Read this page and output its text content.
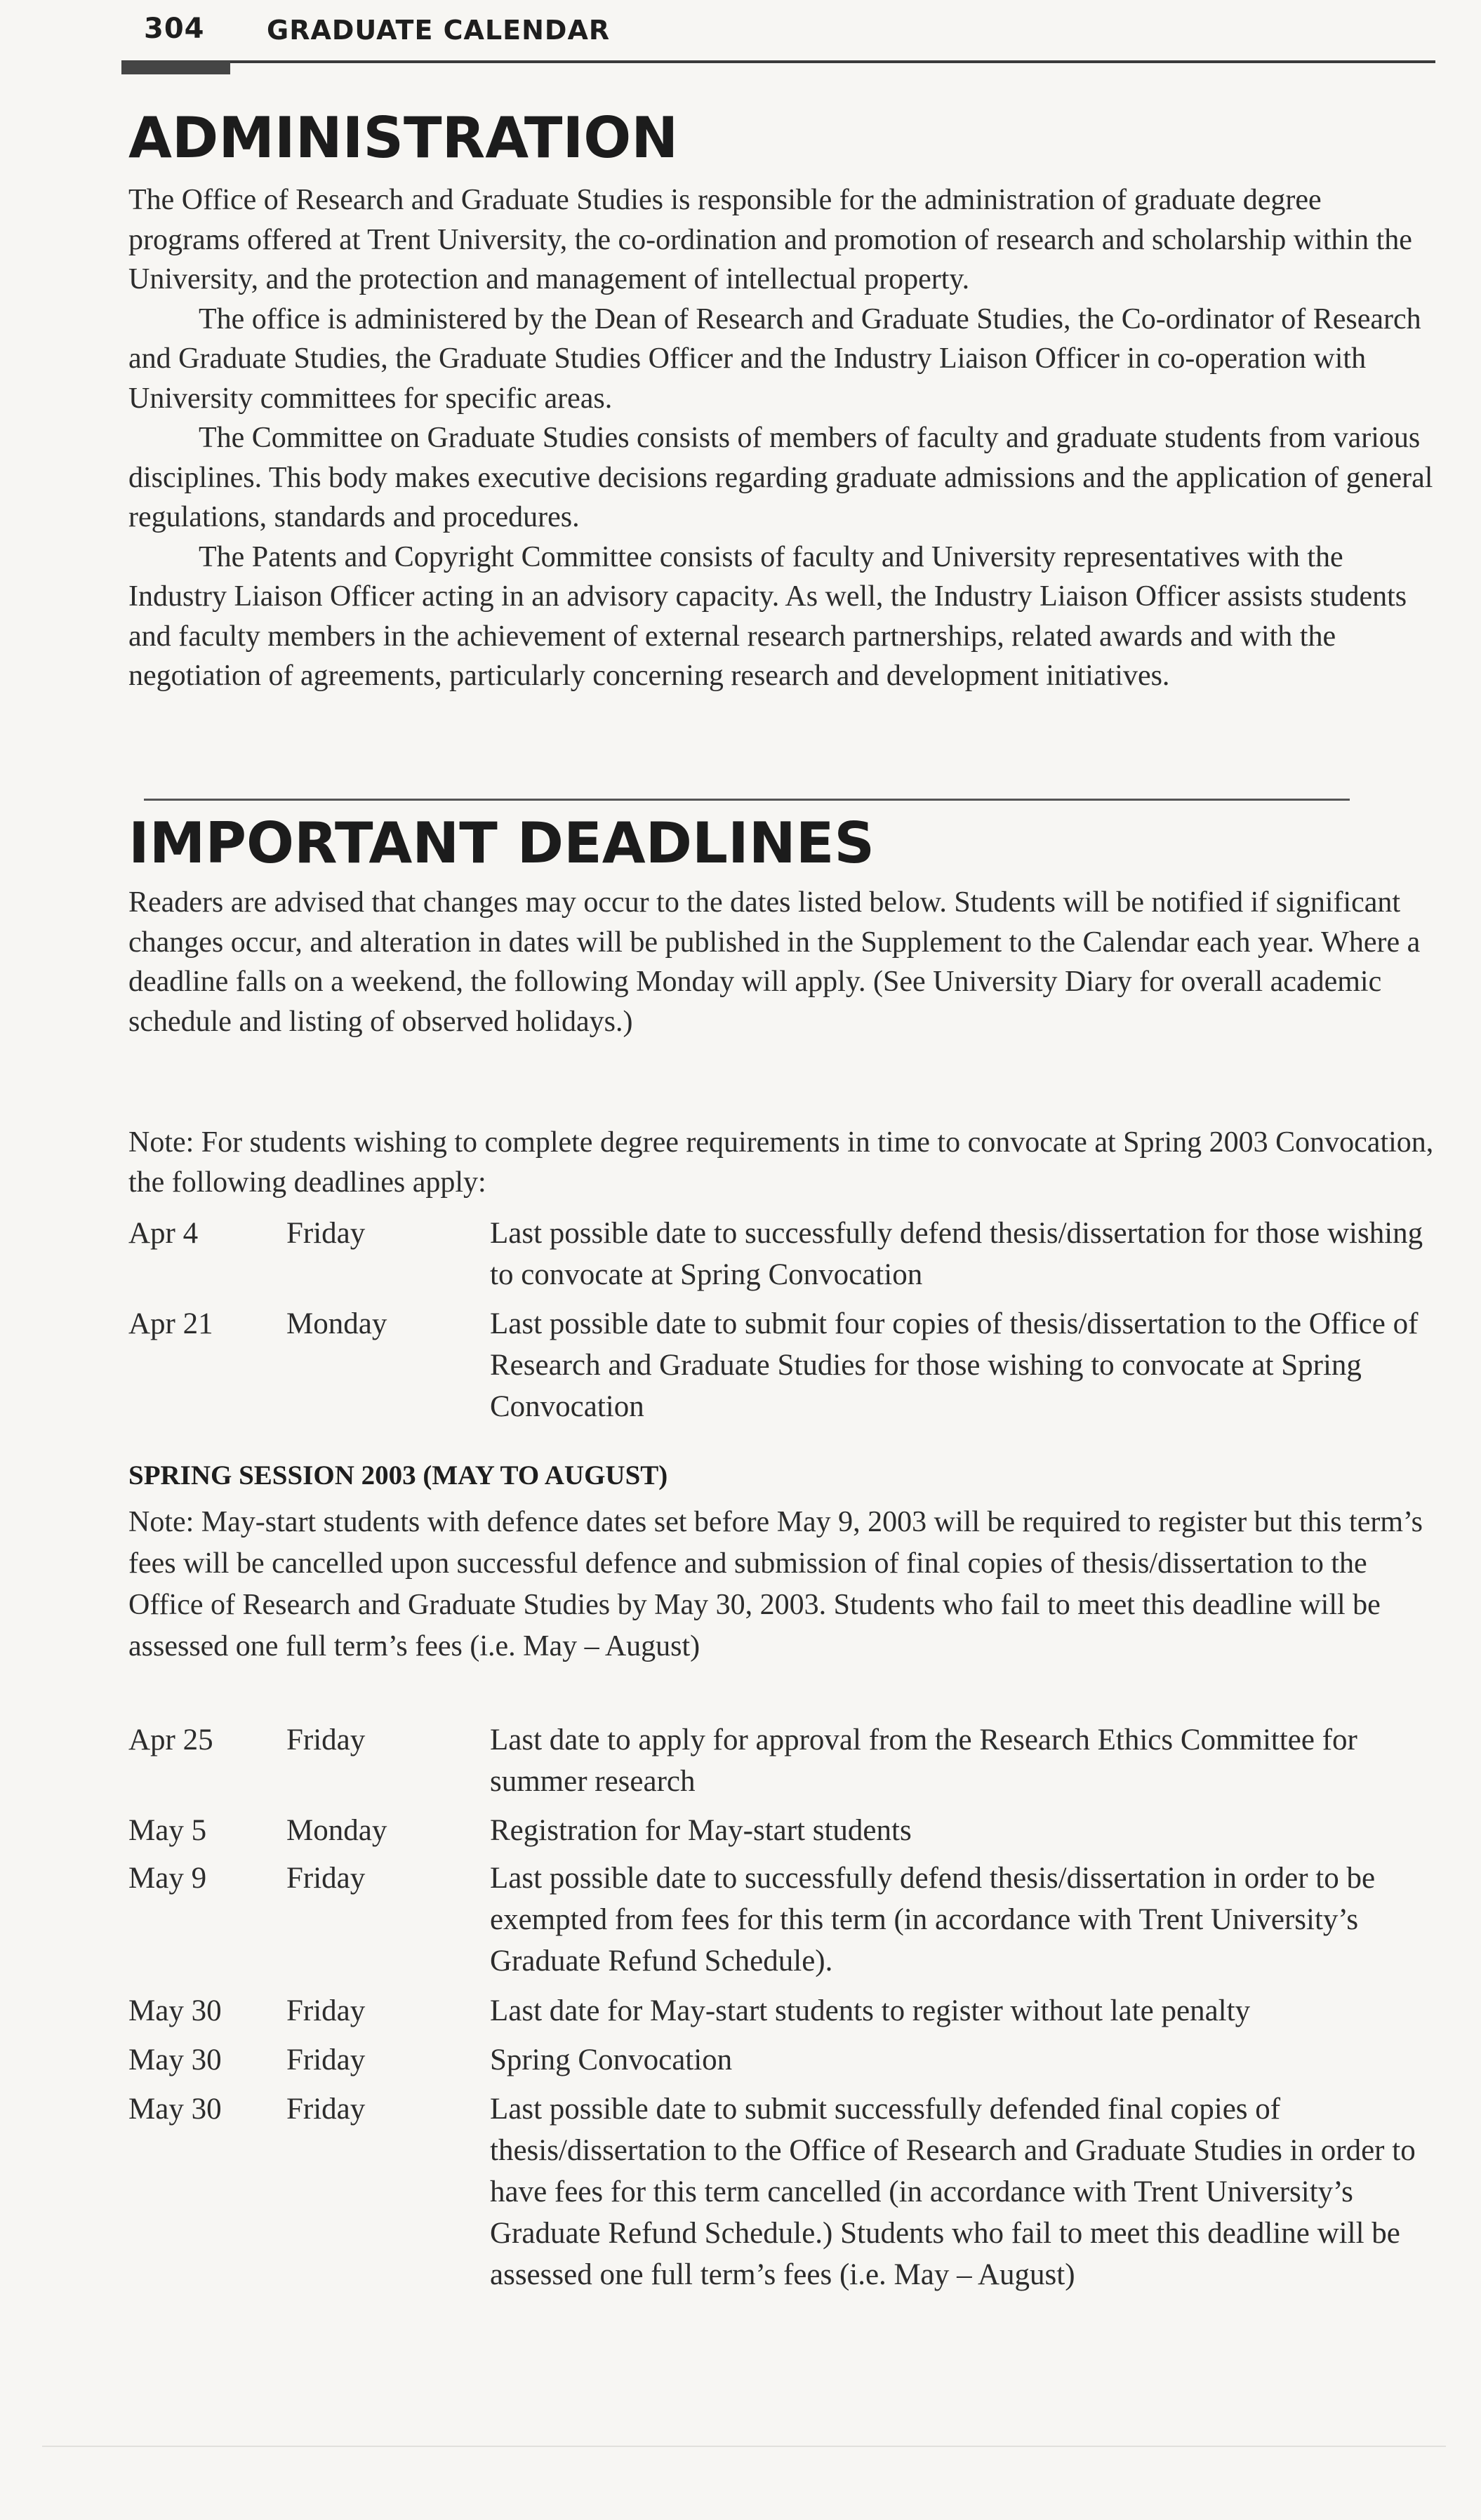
304 GRADUATE CALENDAR
ADMINISTRATION

The Office of Research and Graduate Studies is responsible for the administration of graduate degree programs offered at Trent University, the co-ordination and promotion of research and scholarship within the University, and the protection and management of intellectual property.

The office is administered by the Dean of Research and Graduate Studies, the Co-ordinator of Research and Graduate Studies, the Graduate Studies Officer and the Industry Liaison Officer in co-operation with University committees for specific areas.

The Committee on Graduate Studies consists of members of faculty and graduate students from various disciplines. This body makes executive decisions regarding graduate admissions and the application of general regulations, standards and procedures.

The Patents and Copyright Committee consists of faculty and University representatives with the Industry Liaison Officer acting in an advisory capacity. As well, the Industry Liaison Officer assists students and faculty members in the achievement of external research partnerships, related awards and with the negotiation of agreements, particularly concerning research and development initiatives.

IMPORTANT DEADLINES

Readers are advised that changes may occur to the dates listed below. Students will be notified if significant changes occur, and alteration in dates will be published in the Supplement to the Calendar each year. Where a deadline falls on a weekend, the following Monday will apply. (See University Diary for overall academic schedule and listing of observed holidays.)

Note: For students wishing to complete degree requirements in time to convocate at Spring 2003 Convocation, the following deadlines apply:

Apr 4	Friday	Last possible date to successfully defend thesis/dissertation for those wishing to convocate at Spring Convocation
Apr 21 Monday	Last possible date to submit four copies of thesis/dissertation to the Office of Research and Graduate Studies for those wishing to convocate at Spring Convocation
SPRING SESSION 2003 (MAY TO AUGUST)

Note: May-start students with defence dates set before May 9, 2003 will be required to register but this term’s fees will be cancelled upon successful defence and submission of final copies of thesis/dissertation to the Office of Research and Graduate Studies by May 30, 2003. Students who fail to meet this deadline will be assessed one full term’s fees (i.e. May – August)

Apr 25 Friday	Last date to apply for approval from the Research Ethics Committee for summer research
May 5	Monday	Registration for May-start students
May 9	Friday	Last possible date to successfully defend thesis/dissertation in order to be exempted from fees for this term (in accordance with Trent University’s Graduate Refund Schedule).
May 30 Friday	Last date for May-start students to register without late penalty
May 30 Friday	Spring Convocation
May 30 Friday	Last possible date to submit successfully defended final copies of thesis/dissertation to the Office of Research and Graduate Studies in order to have fees for this term cancelled (in accordance with Trent University’s Graduate Refund Schedule.) Students who fail to meet this deadline will be assessed one full term’s fees (i.e. May – August)
